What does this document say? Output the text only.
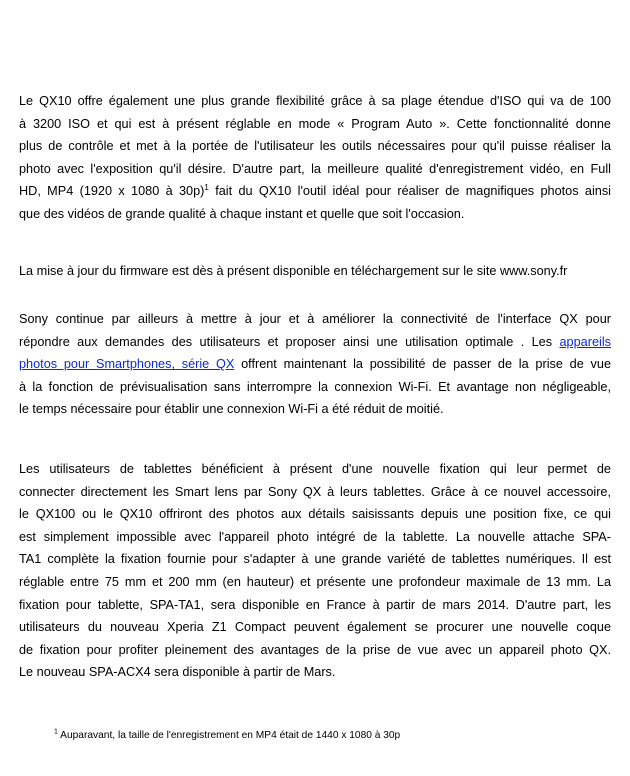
Le QX10 offre également une plus grande flexibilité grâce à sa plage étendue d'ISO qui va de 100
à 3200 ISO et qui est à présent réglable en mode « Program Auto ». Cette fonctionnalité donne
plus de contrôle et met à la portée de l'utilisateur les outils nécessaires pour qu'il puisse réaliser la
photo avec l'exposition qu'il désire. D'autre part, la meilleure qualité d'enregistrement vidéo, en Full
HD, MP4 (1920 x 1080 à 30p)$^1$ fait du QX10 l'outil idéal pour réaliser de magnifiques photos ainsi
que des vidéos de grande qualité à chaque instant et quelle que soit l'occasion.
La mise à jour du firmware est dès à présent disponible en téléchargement sur le site www.sony.fr
Sony continue par ailleurs à mettre à jour et à améliorer la connectivité de l'interface QX pour
répondre aux demandes des utilisateurs et proposer ainsi une utilisation optimale . Les appareils
photos pour Smartphones, série QX offrent maintenant la possibilité de passer de la prise de vue
à la fonction de prévisualisation sans interrompre la connexion Wi-Fi. Et avantage non négligeable,
le temps nécessaire pour établir une connexion Wi-Fi a été réduit de moitié.
Les utilisateurs de tablettes bénéficient à présent d'une nouvelle fixation qui leur permet de
connecter directement les Smart lens par Sony QX à leurs tablettes. Grâce à ce nouvel accessoire,
le QX100 ou le QX10 offriront des photos aux détails saisissants depuis une position fixe, ce qui
est simplement impossible avec l'appareil photo intégré de la tablette. La nouvelle attache SPA-
TA1 complète la fixation fournie pour s'adapter à une grande variété de tablettes numériques. Il est
réglable entre 75 mm et 200 mm (en hauteur) et présente une profondeur maximale de 13 mm. La
fixation pour tablette, SPA-TA1, sera disponible en France à partir de mars 2014. D'autre part, les
utilisateurs du nouveau Xperia Z1 Compact peuvent également se procurer une nouvelle coque
de fixation pour profiter pleinement des avantages de la prise de vue avec un appareil photo QX.
Le nouveau SPA-ACX4 sera disponible à partir de Mars.
$^1$ Auparavant, la taille de l'enregistrement en MP4 était de 1440 x 1080 à 30p
